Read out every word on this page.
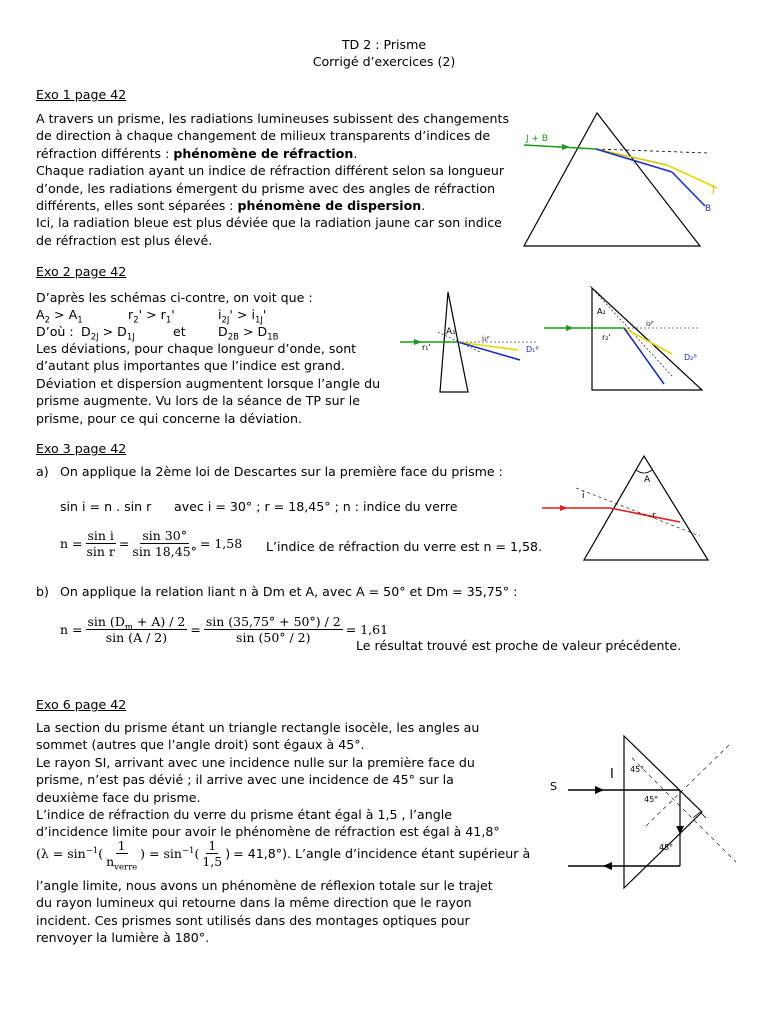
TD 2 : Prisme
Corrigé d’exercices (2)
Exo 1 page 42

A travers un prisme, les radiations lumineuses subissent des changements de direction à chaque changement de milieux transparents d’indices de réfraction différents : phénomène de réfraction.
Chaque radiation ayant un indice de réfraction différent selon sa longueur d’onde, les radiations émergent du prisme avec des angles de réfraction différents, elles sont séparées : phénomène de dispersion.
Ici, la radiation bleue est plus déviée que la radiation jaune car son indice de réfraction est plus élevé.

J + B
J
B
Exo 2 page 42
D’après les schémas ci-contre, on voit que :
$A_2 > A_1$	$r_2' > r_1'$	$i_{2J}' > i_{1J}'$
D’où : $D_{2J} > D_{1J}$	et	$D_{2B} > D_{1B}$

Les déviations, pour chaque longueur d’onde, sont d’autant plus importantes que l’indice est grand. Déviation et dispersion augmentent lorsque l’angle du prisme augmente. Vu lors de la séance de TP sur le prisme, pour ce qui concerne la déviation.

A₁
r₁'
i₁ᴶ'
D₁ᴮ
A₂
r₂'
i₂ᴶ'
D₂ᴮ
Exo 3 page 42
a) On applique la 2ème loi de Descartes sur la première face du prisme :
sin i = n . sin r avec i = 30° ; r = 18,45° ; n : indice du verre
$n = \frac{\text{sin i}}{\text{sin r}} = \frac{\sin 30^\circ}{\sin 18,45^\circ} = 1,58$ L’indice de réfraction du verre est n = 1,58.
b) On applique la relation liant n à Dm et A, avec A = 50° et Dm = 35,75° :
$n = \frac{\sin (D_m + A) / 2}{\sin (A / 2)} = \frac{\sin (35,75^\circ + 50^\circ) / 2}{\sin (50^\circ / 2)} = 1,61$
Le résultat trouvé est proche de valeur précédente.
A
i
r
Exo 6 page 42

La section du prisme étant un triangle rectangle isocèle, les angles au sommet (autres que l’angle droit) sont égaux à 45°.
Le rayon SI, arrivant avec une incidence nulle sur la première face du prisme, n’est pas dévié ; il arrive avec une incidence de 45° sur la deuxième face du prisme.
L’indice de réfraction du verre du prisme étant égal à 1,5 , l’angle d’incidence limite pour avoir le phénomène de réfraction est égal à 41,8°

($\lambda = \sin^{-1}( \frac{1}{n_{verre}}$ ) = $\sin^{-1}( \frac{1}{1,5}$ ) = 41,8°). L’angle d’incidence étant supérieur à

l’angle limite, nous avons un phénomène de réflexion totale sur le trajet du rayon lumineux qui retourne dans la même direction que le rayon incident. Ces prismes sont utilisés dans des montages optiques pour renvoyer la lumière à 180°.

S
I 45°
45°
45°
